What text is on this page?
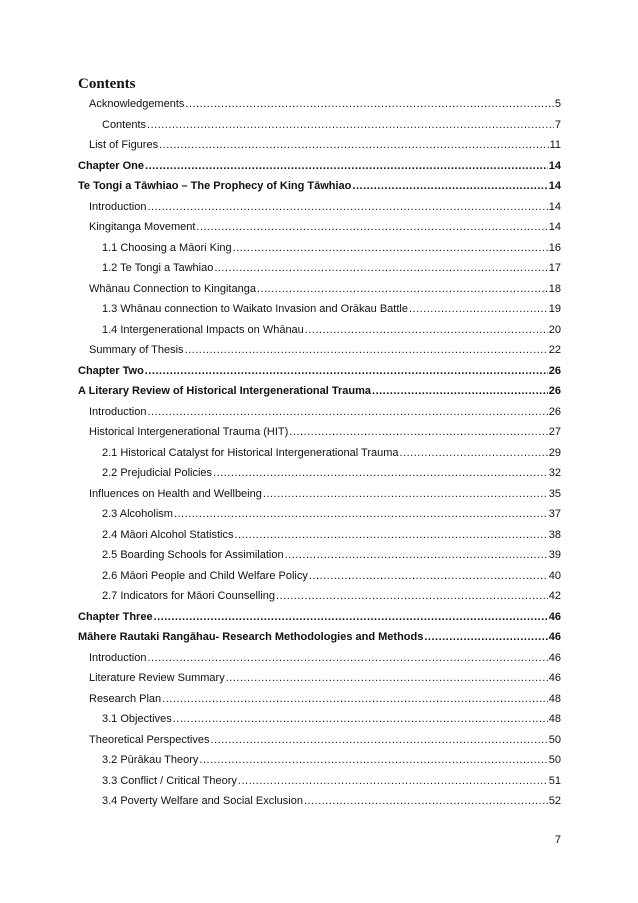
Contents
Acknowledgements .....	5
Contents .....	7
List of Figures .....	11
Chapter One .....	14
Te Tongi a Tāwhiao – The Prophecy of King Tāwhiao .....	14
Introduction .....	14
Kingitanga Movement .....	14
1.1 Choosing a Māori King .....	16
1.2 Te Tongi a Tawhiao .....	17
Whānau Connection to Kingitanga .....	18
1.3 Whānau connection to Waikato Invasion and Orākau Battle .....	19
1.4 Intergenerational Impacts on Whānau .....	20
Summary of Thesis .....	22
Chapter Two .....	26
A Literary Review of Historical Intergenerational Trauma .....	26
Introduction .....	26
Historical Intergenerational Trauma (HIT) .....	27
2.1 Historical Catalyst for Historical Intergenerational Trauma .....	29
2.2 Prejudicial Policies .....	32
Influences on Health and Wellbeing .....	35
2.3 Alcoholism .....	37
2.4 Māori Alcohol Statistics .....	38
2.5 Boarding Schools for Assimilation .....	39
2.6 Māori People and Child Welfare Policy .....	40
2.7 Indicators for Māori Counselling .....	42
Chapter Three .....	46
Māhere Rautaki Rangāhau- Research Methodologies and Methods .....	46
Introduction .....	46
Literature Review Summary .....	46
Research Plan .....	48
3.1 Objectives .....	48
Theoretical Perspectives .....	50
3.2 Pūrākau Theory .....	50
3.3 Conflict / Critical Theory .....	51
3.4 Poverty Welfare and Social Exclusion .....	52
7
